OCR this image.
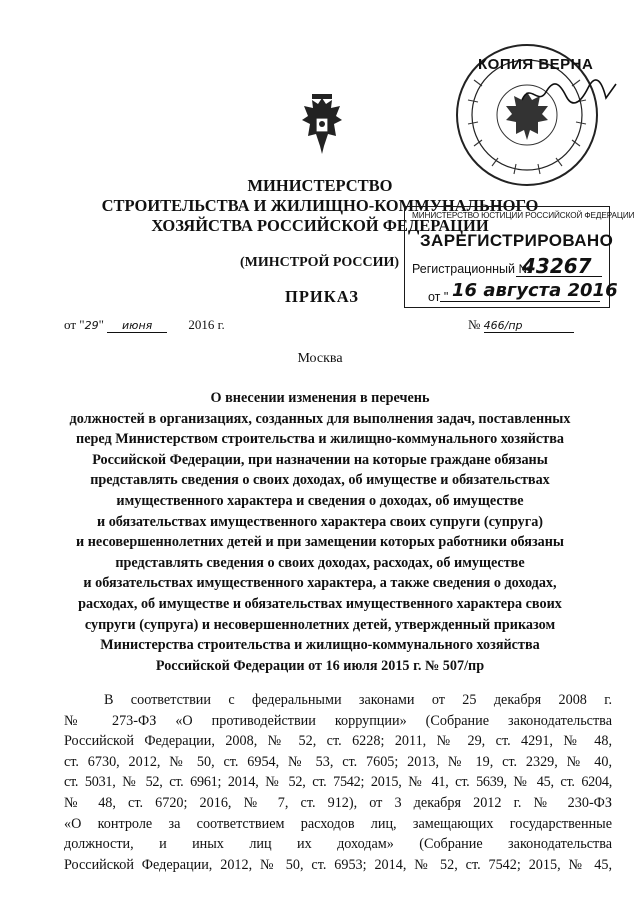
КОПИЯ ВЕРНА
МИНИСТЕРСТВО
СТРОИТЕЛЬСТВА И ЖИЛИЩНО-КОММУНАЛЬНОГО
ХОЗЯЙСТВА РОССИЙСКОЙ ФЕДЕРАЦИИ
(МИНСТРОЙ РОССИИ)
ПРИКАЗ
МИНИСТЕРСТВО ЮСТИЦИИ РОССИЙСКОЙ ФЕДЕРАЦИИ
ЗАРЕГИСТРИРОВАНО
Регистрационный №
43267
от " 16 августа 2016
от "29" июня	2016 г.	№ 466/пр
Москва
О внесении изменения в перечень
должностей в организациях, созданных для выполнения задач, поставленных
перед Министерством строительства и жилищно-коммунального хозяйства
Российской Федерации, при назначении на которые граждане обязаны
представлять сведения о своих доходах, об имуществе и обязательствах
имущественного характера и сведения о доходах, об имуществе
и обязательствах имущественного характера своих супруги (супруга)
и несовершеннолетних детей и при замещении которых работники обязаны
представлять сведения о своих доходах, расходах, об имуществе
и обязательствах имущественного характера, а также сведения о доходах,
расходах, об имуществе и обязательствах имущественного характера своих
супруги (супруга) и несовершеннолетних детей, утвержденный приказом
Министерства строительства и жилищно-коммунального хозяйства
Российской Федерации от 16 июля 2015 г. № 507/пр
В соответствии с федеральными законами от 25 декабря 2008 г.
№ 273-ФЗ «О противодействии коррупции» (Собрание законодательства
Российской Федерации, 2008, № 52, ст. 6228; 2011, № 29, ст. 4291, № 48,
ст. 6730, 2012, № 50, ст. 6954, № 53, ст. 7605; 2013, № 19, ст. 2329, № 40,
ст. 5031, № 52, ст. 6961; 2014, № 52, ст. 7542; 2015, № 41, ст. 5639, № 45, ст. 6204,
№ 48, ст. 6720; 2016, № 7, ст. 912), от 3 декабря 2012 г. № 230-ФЗ
«О контроле за соответствием расходов лиц, замещающих государственные
должности, и иных лиц их доходам» (Собрание законодательства
Российской Федерации, 2012, № 50, ст. 6953; 2014, № 52, ст. 7542; 2015, № 45,
